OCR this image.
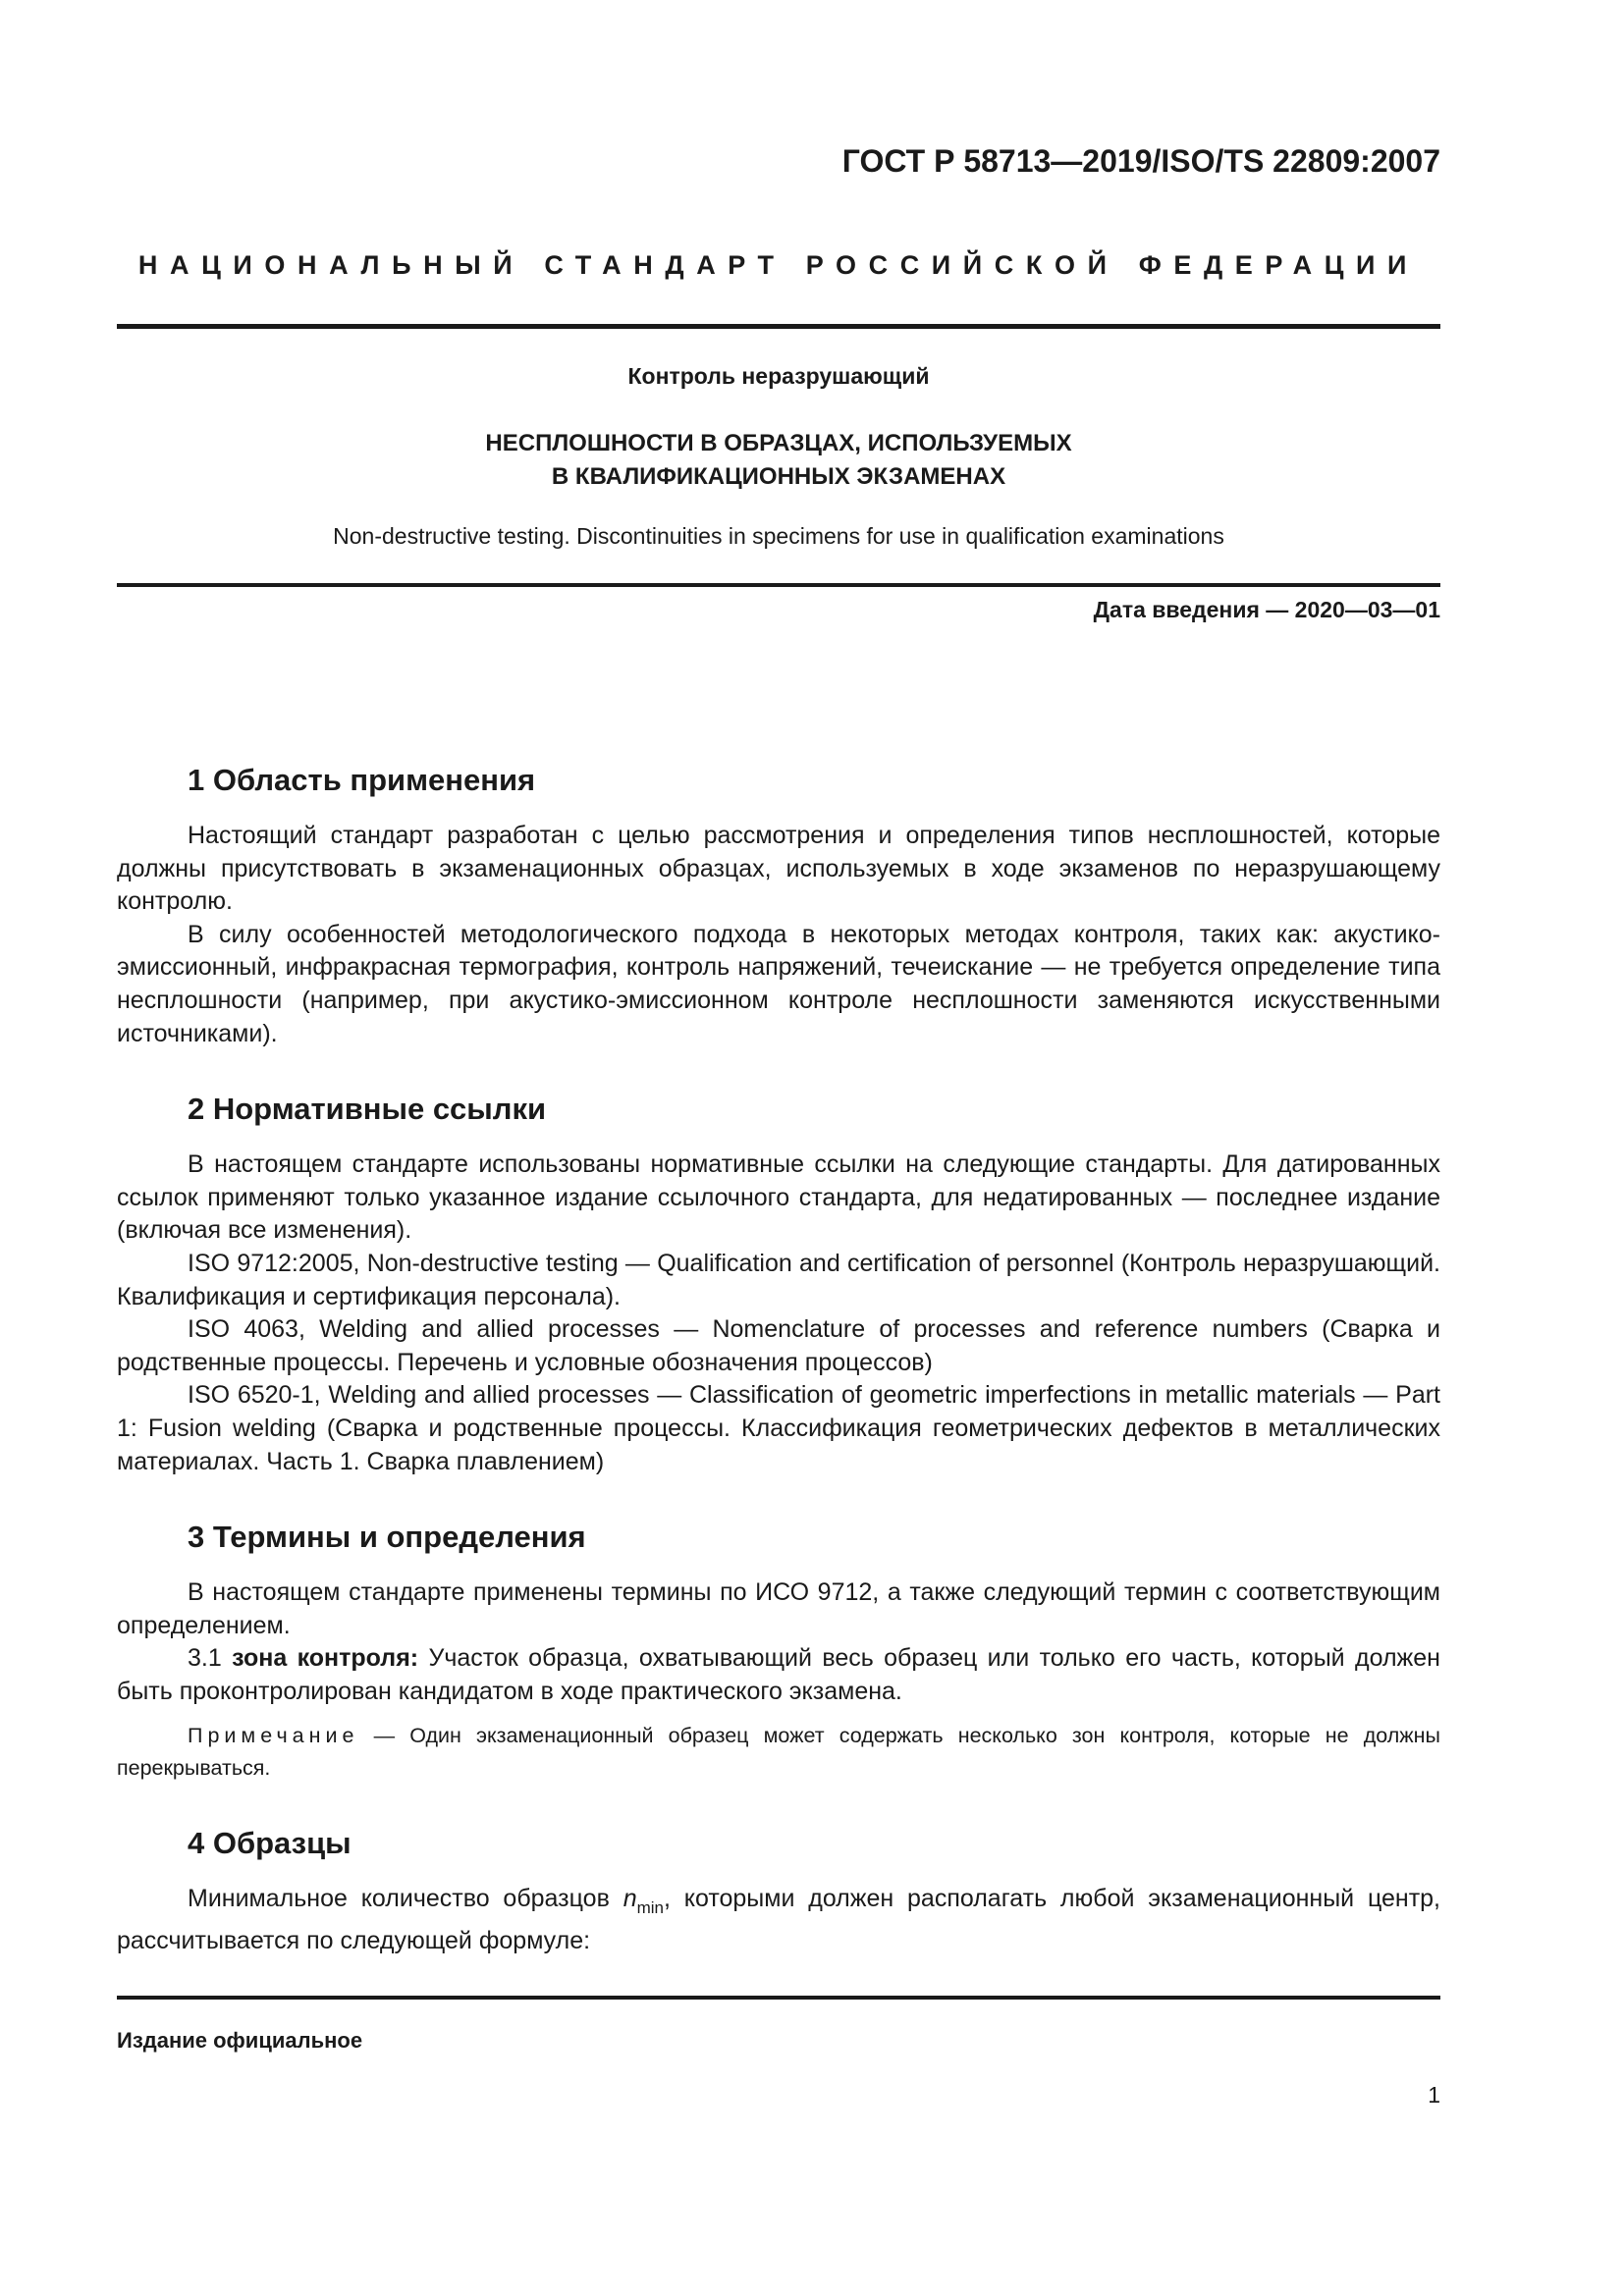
ГОСТ Р 58713—2019/ISO/TS 22809:2007
НАЦИОНАЛЬНЫЙ СТАНДАРТ РОССИЙСКОЙ ФЕДЕРАЦИИ
Контроль неразрушающий
НЕСПЛОШНОСТИ В ОБРАЗЦАХ, ИСПОЛЬЗУЕМЫХ
В КВАЛИФИКАЦИОННЫХ ЭКЗАМЕНАХ
Non-destructive testing. Discontinuities in specimens for use in qualification examinations
Дата введения — 2020—03—01
1 Область применения

Настоящий стандарт разработан с целью рассмотрения и определения типов несплошностей, которые должны присутствовать в экзаменационных образцах, используемых в ходе экзаменов по неразрушающему контролю.

В силу особенностей методологического подхода в некоторых методах контроля, таких как: акустико-эмиссионный, инфракрасная термография, контроль напряжений, течеискание — не требуется определение типа несплошности (например, при акустико-эмиссионном контроле несплошности заменяются искусственными источниками).

2 Нормативные ссылки

В настоящем стандарте использованы нормативные ссылки на следующие стандарты. Для датированных ссылок применяют только указанное издание ссылочного стандарта, для недатированных — последнее издание (включая все изменения).

ISO 9712:2005, Non-destructive testing — Qualification and certification of personnel (Контроль неразрушающий. Квалификация и сертификация персонала).

ISO 4063, Welding and allied processes — Nomenclature of processes and reference numbers (Сварка и родственные процессы. Перечень и условные обозначения процессов)

ISO 6520-1, Welding and allied processes — Classification of geometric imperfections in metallic materials — Part 1: Fusion welding (Сварка и родственные процессы. Классификация геометрических дефектов в металлических материалах. Часть 1. Сварка плавлением)

3 Термины и определения

В настоящем стандарте применены термины по ИСО 9712, а также следующий термин с соответствующим определением.

3.1 зона контроля: Участок образца, охватывающий весь образец или только его часть, который должен быть проконтролирован кандидатом в ходе практического экзамена.

Примечание — Один экзаменационный образец может содержать несколько зон контроля, которые не должны перекрываться.

4 Образцы

Минимальное количество образцов $n_{min}$, которыми должен располагать любой экзаменационный центр, рассчитывается по следующей формуле:

Издание официальное
1
